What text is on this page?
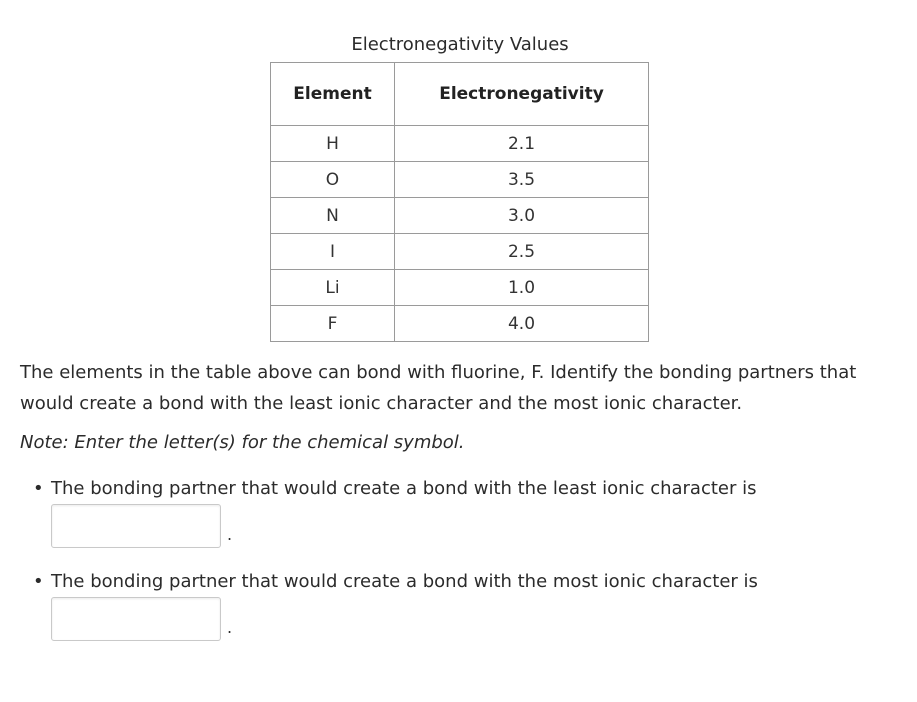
Electronegativity Values
Element	Electronegativity
H	2.1
O	3.5
N	3.0
I	2.5
Li	1.0
F	4.0
The elements in the table above can bond with fluorine, F. Identify the bonding partners that would create a bond with the least ionic character and the most ionic character.
Note: Enter the letter(s) for the chemical symbol.
• The bonding partner that would create a bond with the least ionic character is
.
• The bonding partner that would create a bond with the most ionic character is
.
